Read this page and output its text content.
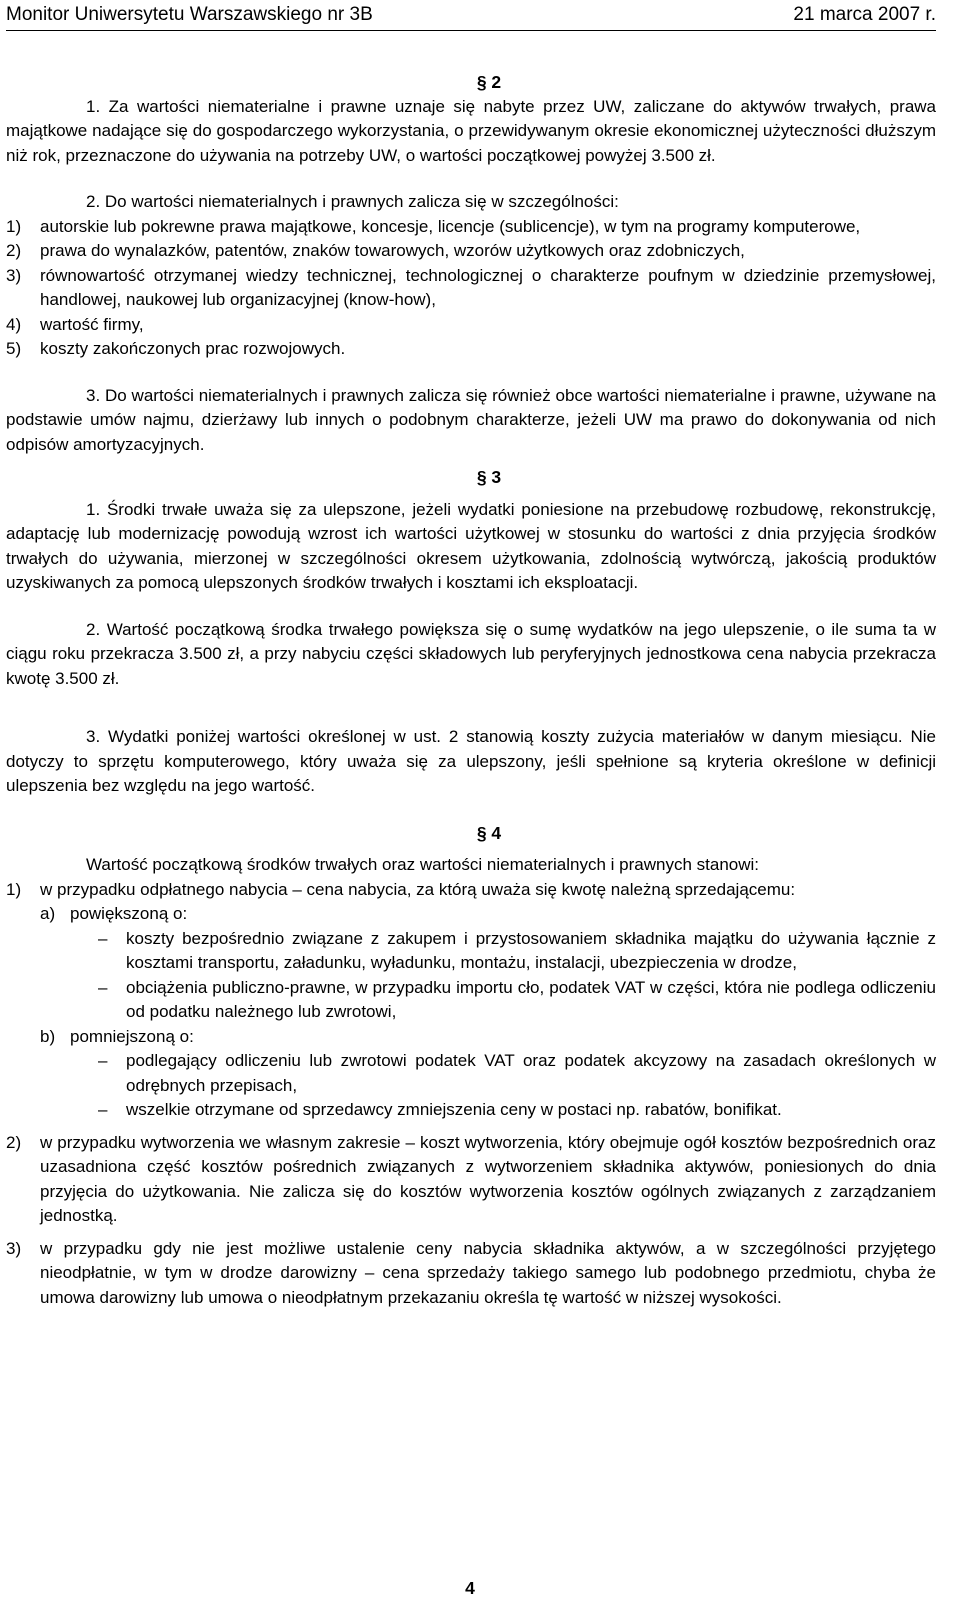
Monitor Uniwersytetu Warszawskiego nr 3B	21 marca 2007 r.

§ 2

1. Za wartości niematerialne i prawne uznaje się nabyte przez UW, zaliczane do aktywów trwałych, prawa majątkowe nadające się do gospodarczego wykorzystania, o przewidywanym okresie ekonomicznej użyteczności dłuższym niż rok, przeznaczone do używania na potrzeby UW, o wartości początkowej powyżej 3.500 zł.

2. Do wartości niematerialnych i prawnych zalicza się w szczególności:

1) autorskie lub pokrewne prawa majątkowe, koncesje, licencje (sublicencje), w tym na programy komputerowe,

2) prawa do wynalazków, patentów, znaków towarowych, wzorów użytkowych oraz zdobniczych,

3) równowartość otrzymanej wiedzy technicznej, technologicznej o charakterze poufnym w dziedzinie przemysłowej, handlowej, naukowej lub organizacyjnej (know-how),

4) wartość firmy,

5) koszty zakończonych prac rozwojowych.

3. Do wartości niematerialnych i prawnych zalicza się również obce wartości niematerialne i prawne, używane na podstawie umów najmu, dzierżawy lub innych o podobnym charakterze, jeżeli UW ma prawo do dokonywania od nich odpisów amortyzacyjnych.

§ 3

1. Środki trwałe uważa się za ulepszone, jeżeli wydatki poniesione na przebudowę rozbudowę, rekonstrukcję, adaptację lub modernizację powodują wzrost ich wartości użytkowej w stosunku do wartości z dnia przyjęcia środków trwałych do używania, mierzonej w szczególności okresem użytkowania, zdolnością wytwórczą, jakością produktów uzyskiwanych za pomocą ulepszonych środków trwałych i kosztami ich eksploatacji.

2. Wartość początkową środka trwałego powiększa się o sumę wydatków na jego ulepszenie, o ile suma ta w ciągu roku przekracza 3.500 zł, a przy nabyciu części składowych lub peryferyjnych jednostkowa cena nabycia przekracza kwotę 3.500 zł.

3. Wydatki poniżej wartości określonej w ust. 2 stanowią koszty zużycia materiałów w danym miesiącu. Nie dotyczy to sprzętu komputerowego, który uważa się za ulepszony, jeśli spełnione są kryteria określone w definicji ulepszenia bez względu na jego wartość.

§ 4

Wartość początkową środków trwałych oraz wartości niematerialnych i prawnych stanowi:

1) w przypadku odpłatnego nabycia – cena nabycia, za którą uważa się kwotę należną sprzedającemu:

a) powiększoną o:

– koszty bezpośrednio związane z zakupem i przystosowaniem składnika majątku do używania łącznie z kosztami transportu, załadunku, wyładunku, montażu, instalacji, ubezpieczenia w drodze,

– obciążenia publiczno-prawne, w przypadku importu cło, podatek VAT w części, która nie podlega odliczeniu od podatku należnego lub zwrotowi,

b) pomniejszoną o:

– podlegający odliczeniu lub zwrotowi podatek VAT oraz podatek akcyzowy na zasadach określonych w odrębnych przepisach,

– wszelkie otrzymane od sprzedawcy zmniejszenia ceny w postaci np. rabatów, bonifikat.

2) w przypadku wytworzenia we własnym zakresie – koszt wytworzenia, który obejmuje ogół kosztów bezpośrednich oraz uzasadniona część kosztów pośrednich związanych z wytworzeniem składnika aktywów, poniesionych do dnia przyjęcia do użytkowania. Nie zalicza się do kosztów wytworzenia kosztów ogólnych związanych z zarządzaniem jednostką.

3) w przypadku gdy nie jest możliwe ustalenie ceny nabycia składnika aktywów, a w szczególności przyjętego nieodpłatnie, w tym w drodze darowizny – cena sprzedaży takiego samego lub podobnego przedmiotu, chyba że umowa darowizny lub umowa o nieodpłatnym przekazaniu określa tę wartość w niższej wysokości.

4
